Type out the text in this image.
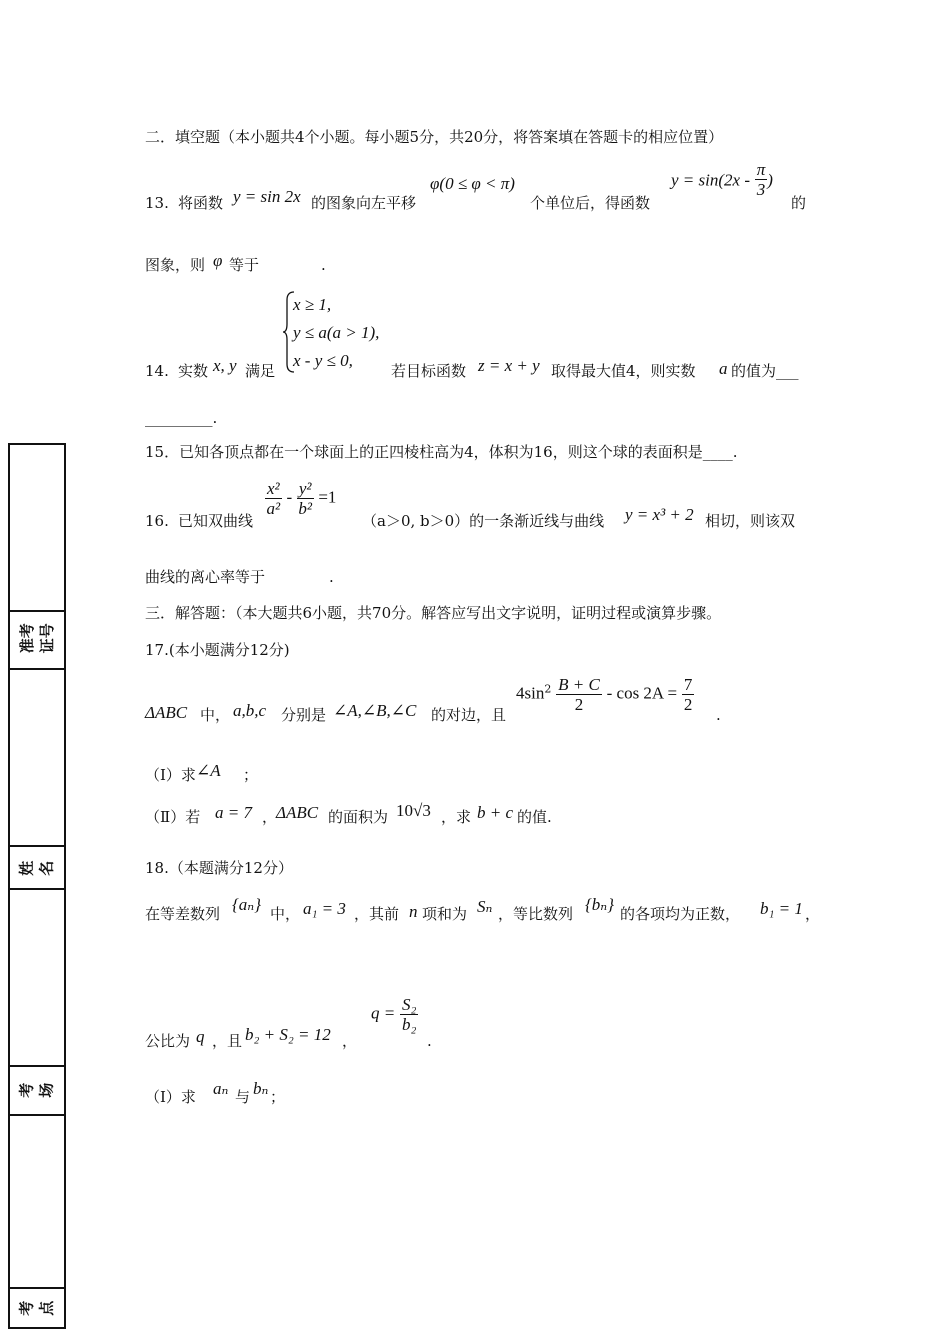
二．填空题（本小题共4个小题。每小题5分，共20分，将答案填在答题卡的相应位置）
13. 将函数 y = sin 2x 的图象向左平移
φ(0 ≤ φ < π)
个单位后，得函数
$y = \sin(2x - \frac{\pi}{3}$ )
的
图象，则 φ 等于	.
14. 实数 x, y 满足
x ≥ 1,
y ≤ a(a > 1),
x - y ≤ 0,
若目标函数 z = x + y 取得最大值4，则实数 a 的值为___
_________.
15．已知各顶点都在一个球面上的正四棱柱高为4，体积为16，则这个球的表面积是____.
16. 已知双曲线
$\frac{\text{x²}}{\text{a²}} - \frac{\text{y²}}{\text{b²}} =1$
（a＞0, b＞0）的一条渐近线与曲线 y = x³ + 2 相切，则该双
曲线的离心率等于	.
三．解答题：（本大题共6小题，共70分。解答应写出文字说明，证明过程或演算步骤。
17.(本小题满分12分)
ΔABC 中， a,b,c 分别是 ∠A,∠B,∠C 的对边，且
$4\sin^2 \frac{B + C}{2} - \cos 2A = \frac{7}{2}$
.
（Ⅰ）求 ∠A ；
（Ⅱ）若 a = 7 ，
ΔABC 的面积为 10√3 ，求 b + c 的值.
18.（本题满分12分）
在等差数列 {aₙ} 中， a₁ = 3 ，其前 n 项和为 Sₙ ，等比数列 {bₙ} 的各项均为正数， b₁ = 1 ，
公比为 q ，且 b₂ + S₂ = 12 ，
$q = \frac{\text{S₂}}{\text{b₂}}$
.
（Ⅰ）求 aₙ 与 bₙ ；
准考 证号
姓 名
考 场
考 点
